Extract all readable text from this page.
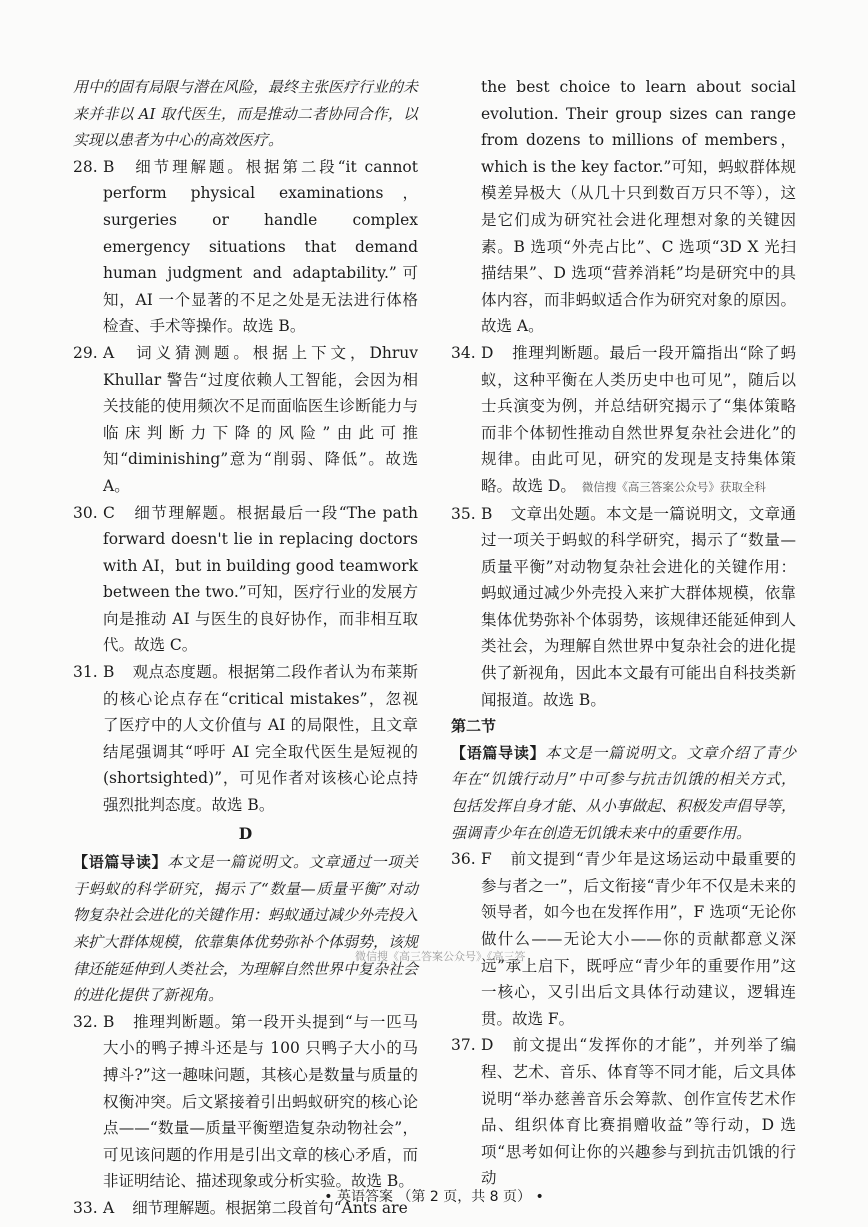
用中的固有局限与潜在风险，最终主张医疗行业的未来并非以 AI 取代医生，而是推动二者协同合作，以实现以患者为中心的高效医疗。

28. B 细节理解题。根据第二段“it cannot perform physical examinations，surgeries or handle complex emergency situations that demand human judgment and adaptability.”可知，AI 一个显著的不足之处是无法进行体格检查、手术等操作。故选 B。
29. A 词义猜测题。根据上下文，Dhruv Khullar 警告“过度依赖人工智能，会因为相关技能的使用频次不足而面临医生诊断能力与临床判断力下降的风险”由此可推知“diminishing”意为“削弱、降低”。故选 A。
30. C 细节理解题。根据最后一段“The path forward doesn't lie in replacing doctors with AI，but in building good teamwork between the two.”可知，医疗行业的发展方向是推动 AI 与医生的良好协作，而非相互取代。故选 C。
31. B 观点态度题。根据第二段作者认为布莱斯的核心论点存在“critical mistakes”，忽视了医疗中的人文价值与 AI 的局限性，且文章结尾强调其“呼吁 AI 完全取代医生是短视的(shortsighted)”，可见作者对该核心论点持强烈批判态度。故选 B。
D

【语篇导读】本文是一篇说明文。文章通过一项关于蚂蚁的科学研究，揭示了“数量—质量平衡”对动物复杂社会进化的关键作用：蚂蚁通过减少外壳投入来扩大群体规模，依靠集体优势弥补个体弱势，该规律还能延伸到人类社会，为理解自然世界中复杂社会的进化提供了新视角。

32. B 推理判断题。第一段开头提到“与一匹马大小的鸭子搏斗还是与 100 只鸭子大小的马搏斗?”这一趣味问题，其核心是数量与质量的权衡冲突。后文紧接着引出蚂蚁研究的核心论点——“数量—质量平衡塑造复杂动物社会”，可见该问题的作用是引出文章的核心矛盾，而非证明结论、描述现象或分析实验。故选 B。
33. A 细节理解题。根据第二段首句“Ants are

the best choice to learn about social evolution. Their group sizes can range from dozens to millions of members，which is the key factor.”可知，蚂蚁群体规模差异极大（从几十只到数百万只不等），这是它们成为研究社会进化理想对象的关键因素。B 选项“外壳占比”、C 选项“3D X 光扫描结果”、D 选项“营养消耗”均是研究中的具体内容，而非蚂蚁适合作为研究对象的原因。故选 A。

34. D 推理判断题。最后一段开篇指出“除了蚂蚁，这种平衡在人类历史中也可见”，随后以士兵演变为例，并总结研究揭示了“集体策略而非个体韧性推动自然世界复杂社会进化”的规律。由此可见，研究的发现是支持集体策略。故选 D。 微信搜《高三答案公众号》获取全科
35. B 文章出处题。本文是一篇说明文，文章通过一项关于蚂蚁的科学研究，揭示了“数量—质量平衡”对动物复杂社会进化的关键作用：蚂蚁通过减少外壳投入来扩大群体规模，依靠集体优势弥补个体弱势，该规律还能延伸到人类社会，为理解自然世界中复杂社会的进化提供了新视角，因此本文最有可能出自科技类新闻报道。故选 B。

第二节

【语篇导读】本文是一篇说明文。文章介绍了青少年在“饥饿行动月”中可参与抗击饥饿的相关方式，包括发挥自身才能、从小事做起、积极发声倡导等，强调青少年在创造无饥饿未来中的重要作用。

36. F 前文提到“青少年是这场运动中最重要的参与者之一”，后文衔接“青少年不仅是未来的领导者，如今也在发挥作用”，F 选项“无论你做什么——无论大小——你的贡献都意义深远”承上启下，既呼应“青少年的重要作用”这一核心，又引出后文具体行动建议，逻辑连贯。故选 F。
37. D 前文提出“发挥你的才能”，并列举了编程、艺术、音乐、体育等不同才能，后文具体说明“举办慈善音乐会筹款、创作宣传艺术作品、组织体育比赛捐赠收益”等行动，D 选项“思考如何让你的兴趣参与到抗击饥饿的行动
微信搜《高三答案公众号》《高三答
• 英语答案 （第 2 页，共 8 页） •
